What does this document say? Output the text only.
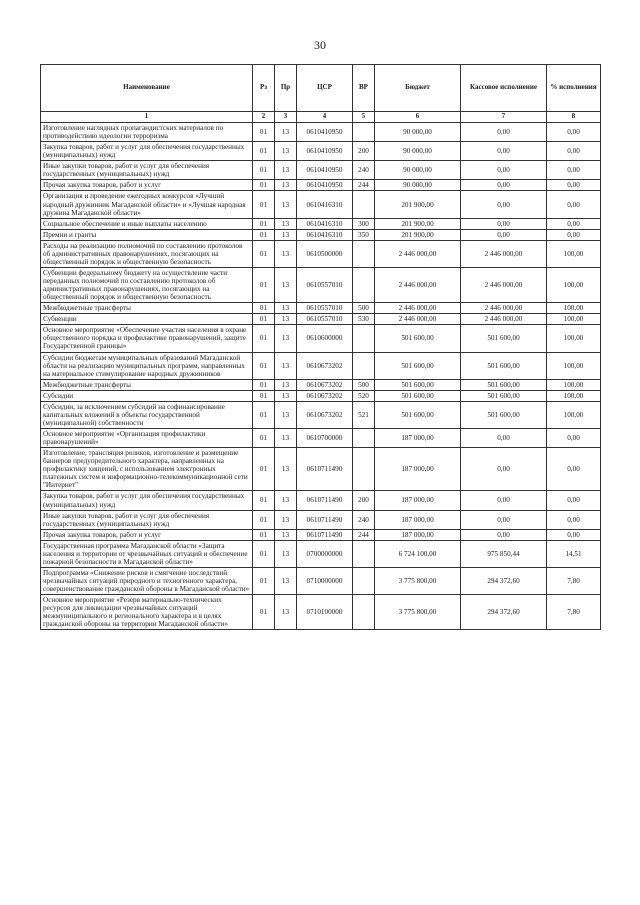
30
Наименование	Рз	Пр	ЦСР	ВР	Бюджет	Кассовое исполнение	% исполнения
1	2	3	4	5	6	7	8
Изготовление наглядных пропагандистских материалов по противодействию идеологии терроризма	01	13	0610410950		90 000,00	0,00	0,00
Закупка товаров, работ и услуг для обеспечения государственных (муниципальных) нужд	01	13	0610410950	200	90 000,00	0,00	0,00
Иные закупки товаров, работ и услуг для обеспечения государственных (муниципальных) нужд	01	13	0610410950	240	90 000,00	0,00	0,00
Прочая закупка товаров, работ и услуг	01	13	0610410950	244	90 000,00	0,00	0,00
Организация и проведение ежегодных конкурсов «Лучший народный дружинник Магаданской области» и «Лучшая народная дружина Магаданской области»	01	13	0610416310		201 900,00	0,00	0,00
Социальное обеспечение и иные выплаты населению	01	13	0610416310	300	201 900,00	0,00	0,00
Премии и гранты	01	13	0610416310	350	201 900,00	0,00	0,00
Расходы на реализацию полномочий по составлению протоколов об административных правонарушениях, посягающих на общественный порядок и общественную безопасность	01	13	0610500000		2 446 000,00	2 446 000,00	100,00
Субвенции федеральному бюджету на осуществление части переданных полномочий по составлению протоколов об административных правонарушениях, посягающих на общественный порядок и общественную безопасность	01	13	0610557010		2 446 000,00	2 446 000,00	100,00
Межбюджетные трансферты	01	13	0610557010	500	2 446 000,00	2 446 000,00	100,00
Субвенции	01	13	0610557010	530	2 446 000,00	2 446 000,00	100,00
Основное мероприятие «Обеспечение участия населения в охране общественного порядка и профилактике правонарушений, защите Государственной границы»	01	13	0610600000		501 600,00	501 600,00	100,00
Субсидии бюджетам муниципальных образований Магаданской области на реализацию муниципальных программ, направленных на материальное стимулирование народных дружинников	01	13	0610673202		501 600,00	501 600,00	100,00
Межбюджетные трансферты	01	13	0610673202	500	501 600,00	501 600,00	100,00
Субсидии	01	13	0610673202	520	501 600,00	501 600,00	100,00
Субсидии, за исключением субсидий на софинансирование капитальных вложений в объекты государственной (муниципальной) собственности	01	13	0610673202	521	501 600,00	501 600,00	100,00
Основное мероприятие «Организация профилактики правонарушений»	01	13	0610700000		187 000,00	0,00	0,00
Изготовление, трансляция роликов, изготовление и размещение баннеров предупредительного характера, направленных на профилактику хищений, с использованием электронных платежных систем и информационно-телекоммуникационной сети "Интернет"	01	13	0610711490		187 000,00	0,00	0,00
Закупка товаров, работ и услуг для обеспечения государственных (муниципальных) нужд	01	13	0610711490	200	187 000,00	0,00	0,00
Иные закупки товаров, работ и услуг для обеспечения государственных (муниципальных) нужд	01	13	0610711490	240	187 000,00	0,00	0,00
Прочая закупка товаров, работ и услуг	01	13	0610711490	244	187 000,00	0,00	0,00
Государственная программа Магаданской области «Защита населения и территории от чрезвычайных ситуаций и обеспечение пожарной безопасности в Магаданской области»	01	13	0700000000		6 724 100,00	975 850,44	14,51
Подпрограмма «Снижение рисков и смягчение последствий чрезвычайных ситуаций природного и техногенного характера, совершенствование гражданской обороны в Магаданской области»	01	13	0710000000		3 775 800,00	294 372,60	7,80
Основное мероприятие «Резерв материально-технических ресурсов для ликвидации чрезвычайных ситуаций межмуниципального и регионального характера и в целях гражданской обороны на территории Магаданской области»	01	13	0710100000		3 775 800,00	294 372,60	7,80
